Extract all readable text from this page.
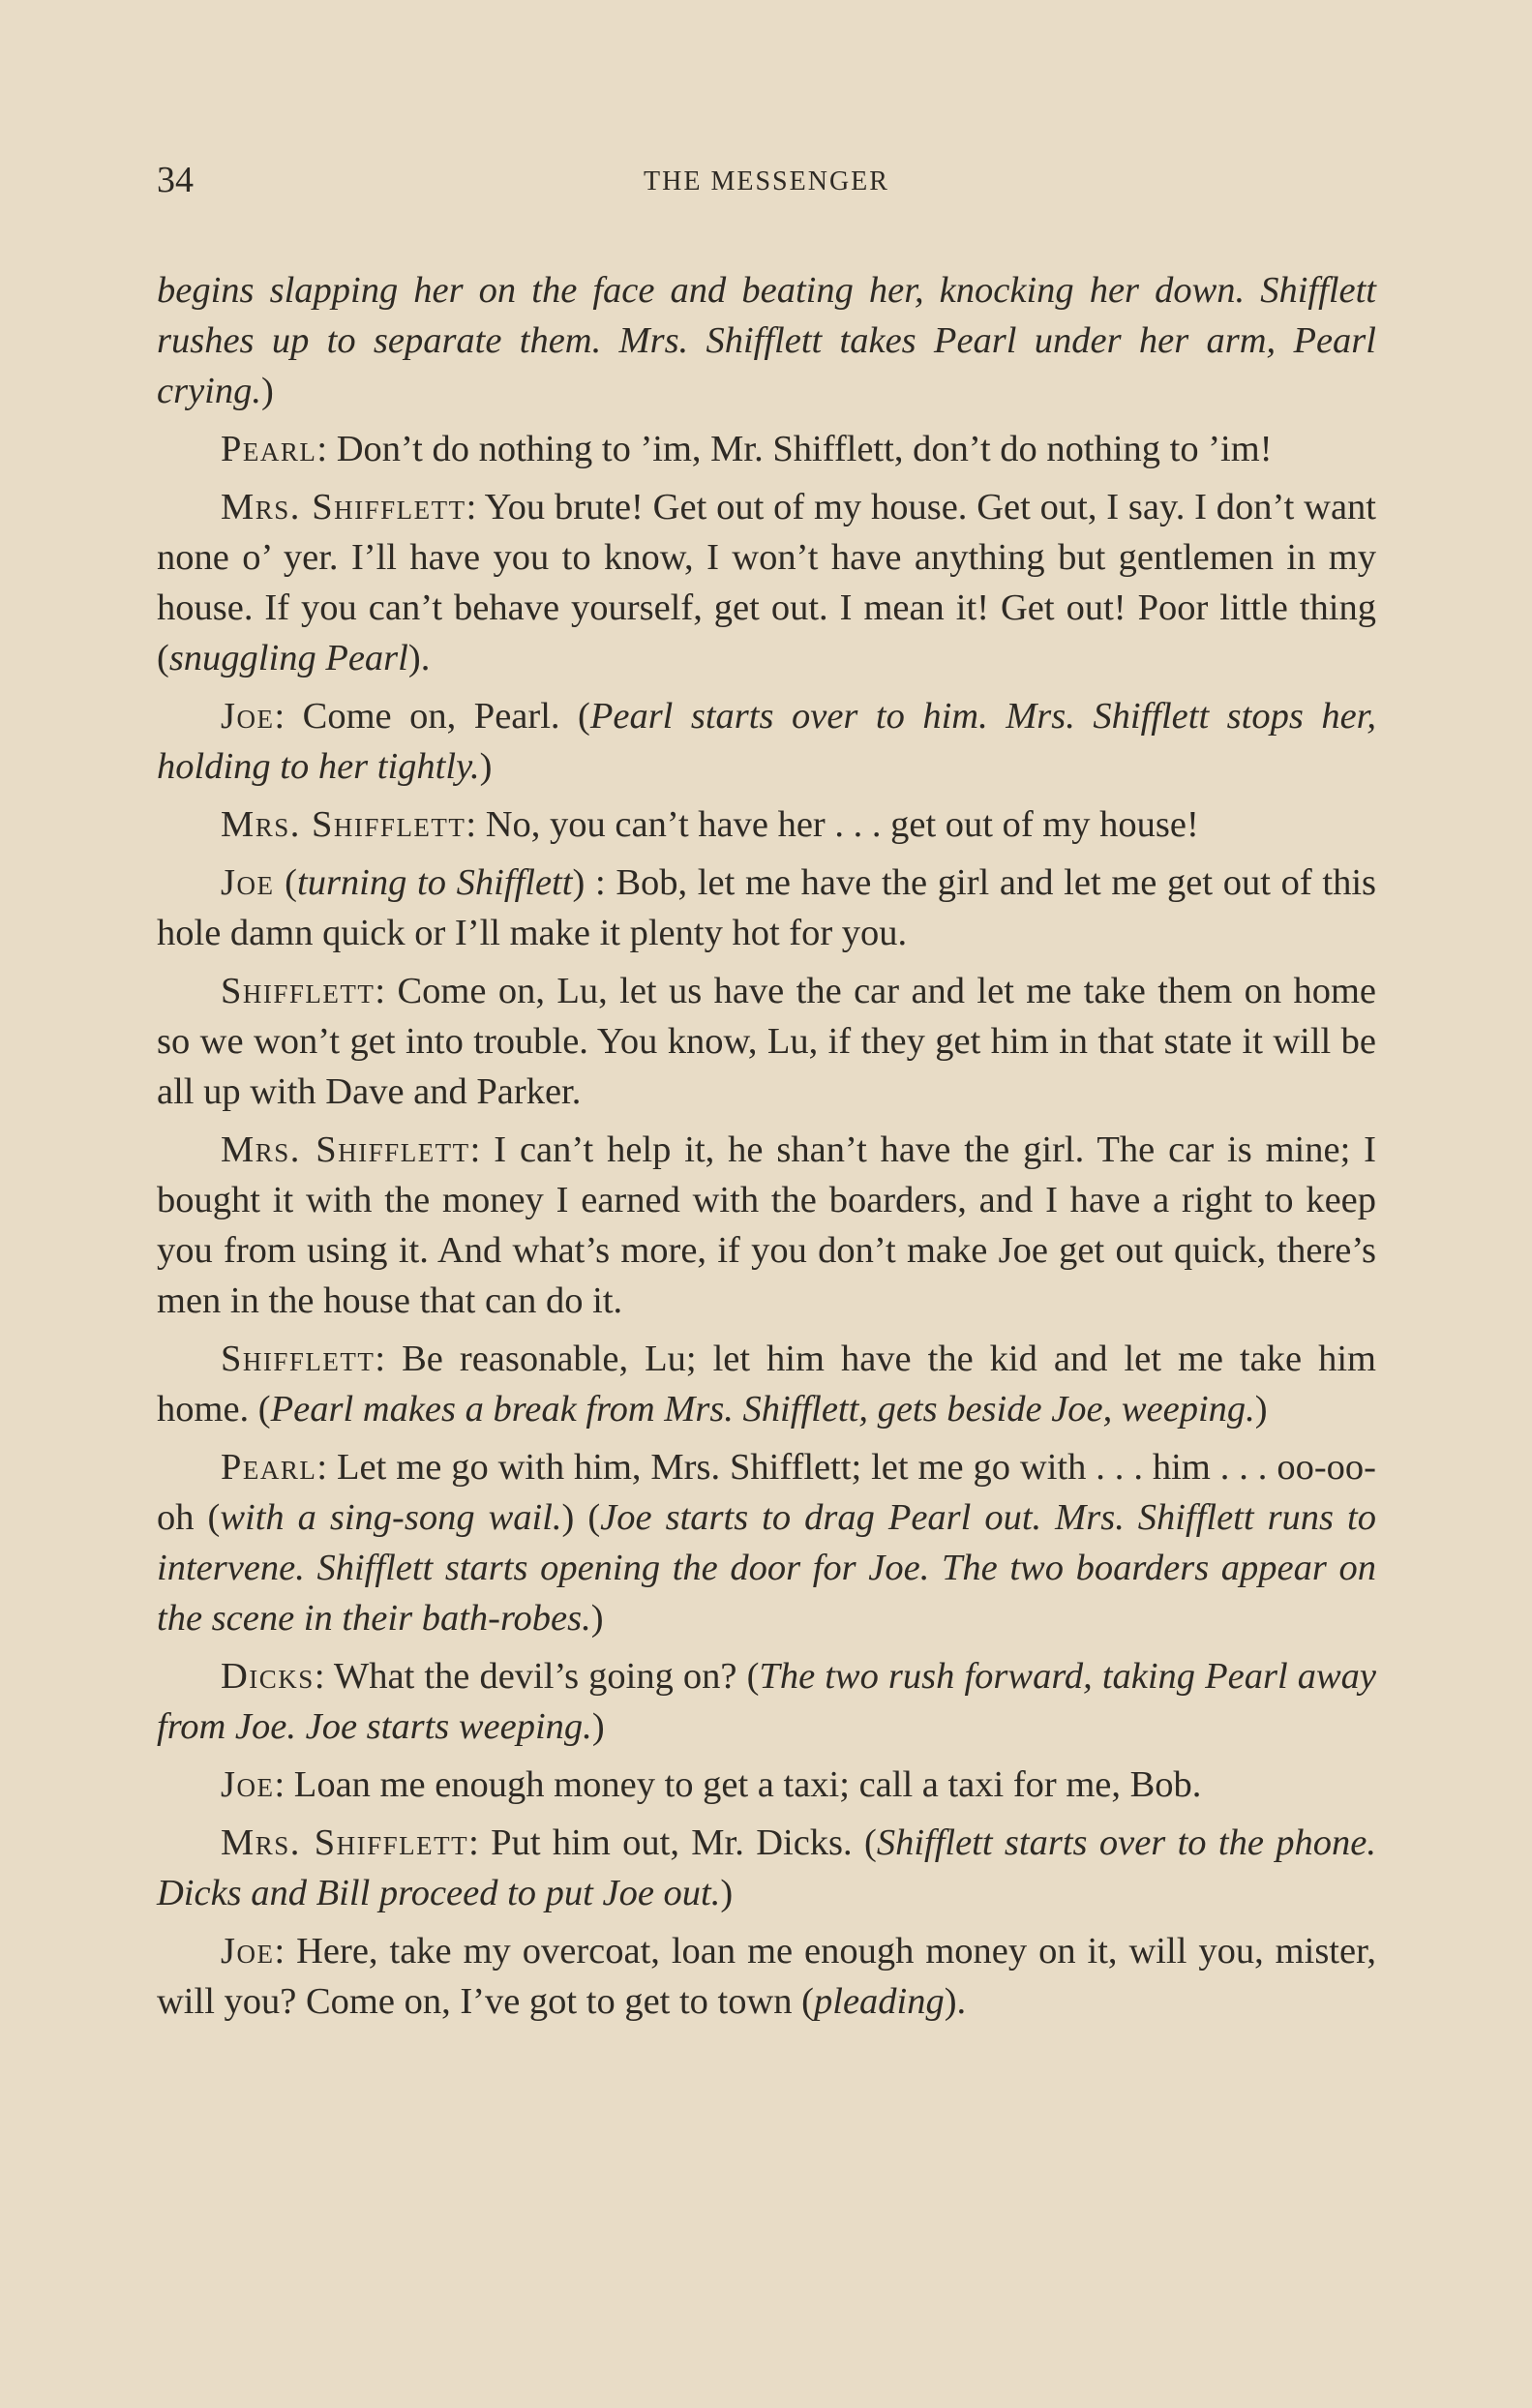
34	THE MESSENGER

begins slapping her on the face and beating her, knocking her down. Shifflett rushes up to separate them. Mrs. Shifflett takes Pearl under her arm, Pearl crying.)

Pearl: Don’t do nothing to ’im, Mr. Shifflett, don’t do nothing to ’im!

Mrs. Shifflett: You brute! Get out of my house. Get out, I say. I don’t want none o’ yer. I’ll have you to know, I won’t have anything but gentlemen in my house. If you can’t behave yourself, get out. I mean it! Get out! Poor little thing (snuggling Pearl).

Joe: Come on, Pearl. (Pearl starts over to him. Mrs. Shifflett stops her, holding to her tightly.)

Mrs. Shifflett: No, you can’t have her . . . get out of my house!

Joe (turning to Shifflett) : Bob, let me have the girl and let me get out of this hole damn quick or I’ll make it plenty hot for you.

Shifflett: Come on, Lu, let us have the car and let me take them on home so we won’t get into trouble. You know, Lu, if they get him in that state it will be all up with Dave and Parker.

Mrs. Shifflett: I can’t help it, he shan’t have the girl. The car is mine; I bought it with the money I earned with the boarders, and I have a right to keep you from using it. And what’s more, if you don’t make Joe get out quick, there’s men in the house that can do it.

Shifflett: Be reasonable, Lu; let him have the kid and let me take him home. (Pearl makes a break from Mrs. Shifflett, gets beside Joe, weeping.)

Pearl: Let me go with him, Mrs. Shifflett; let me go with . . . him . . . oo-oo-oh (with a sing-song wail.) (Joe starts to drag Pearl out. Mrs. Shifflett runs to intervene. Shifflett starts opening the door for Joe. The two boarders appear on the scene in their bath-robes.)

Dicks: What the devil’s going on? (The two rush forward, taking Pearl away from Joe. Joe starts weeping.)

Joe: Loan me enough money to get a taxi; call a taxi for me, Bob.

Mrs. Shifflett: Put him out, Mr. Dicks. (Shifflett starts over to the phone. Dicks and Bill proceed to put Joe out.)

Joe: Here, take my overcoat, loan me enough money on it, will you, mister, will you? Come on, I’ve got to get to town (pleading).
